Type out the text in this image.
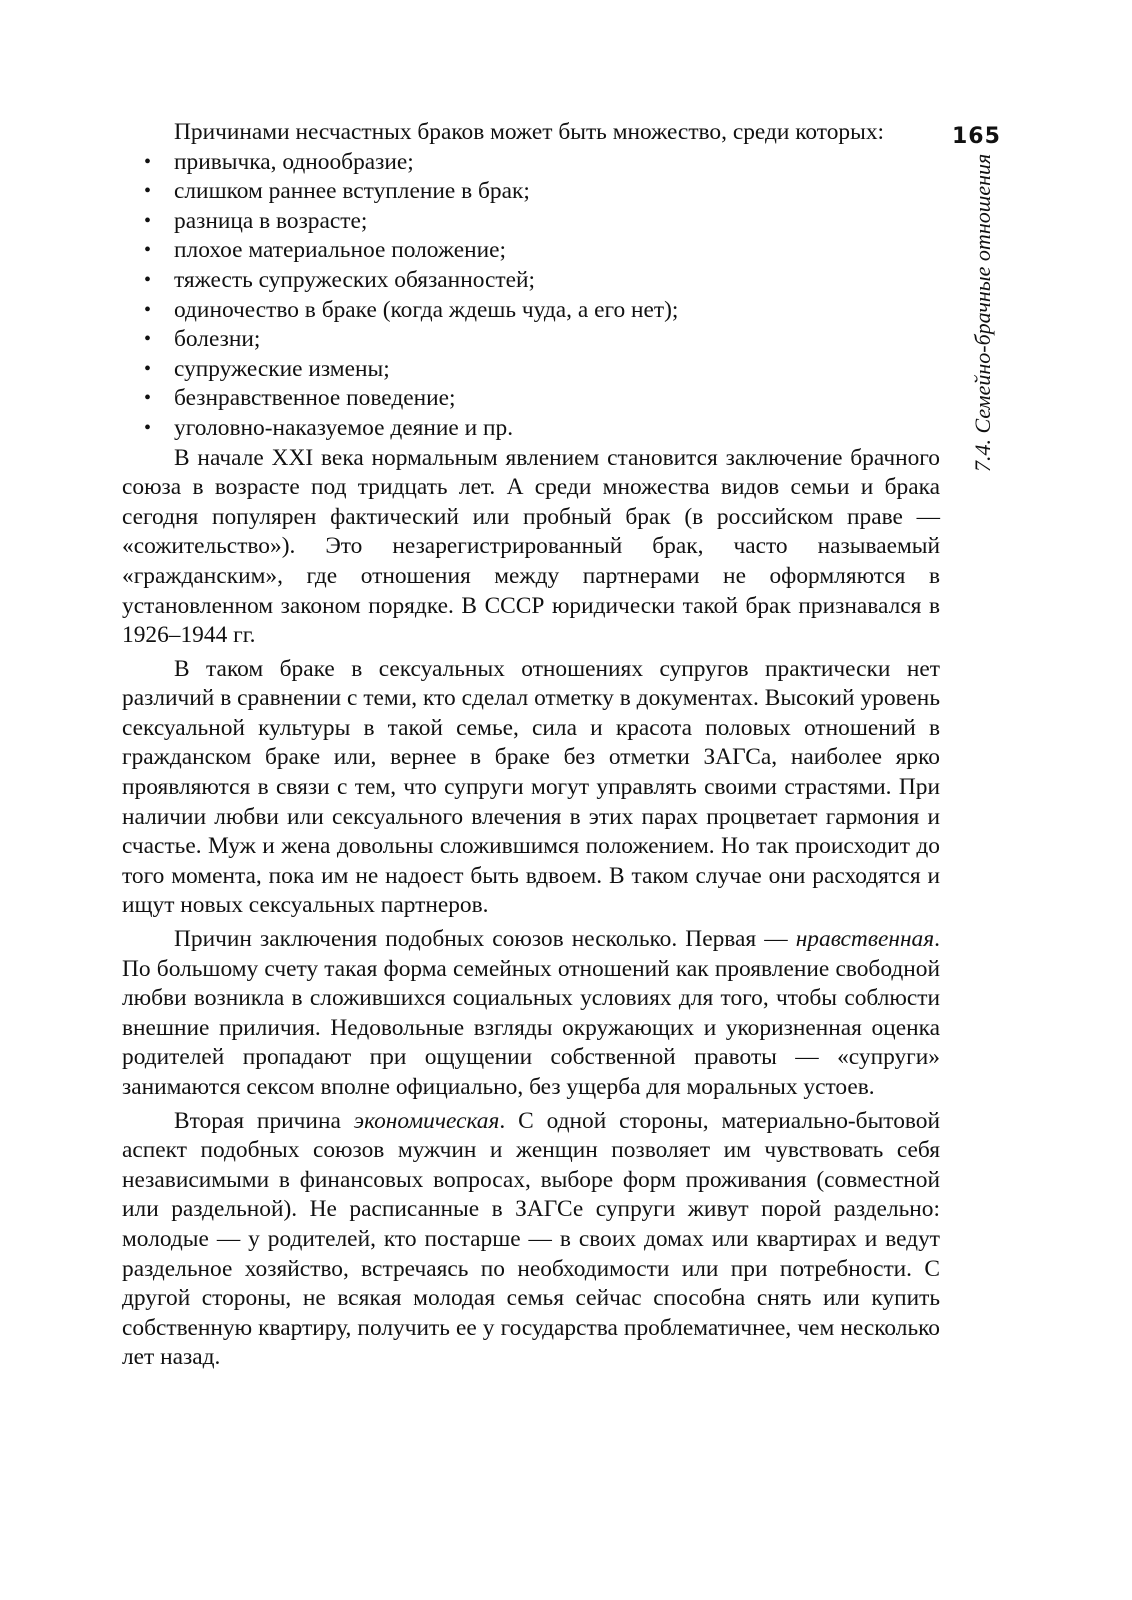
165
7.4. Семейно-брачные отношения

Причинами несчастных браков может быть множество, среди которых:

• привычка, однообразие;
• слишком раннее вступление в брак;
• разница в возрасте;
• плохое материальное положение;
• тяжесть супружеских обязанностей;
• одиночество в браке (когда ждешь чуда, а его нет);
• болезни;
• супружеские измены;
• безнравственное поведение;
• уголовно-наказуемое деяние и пр.

В начале XXI века нормальным явлением становится заключение брачного союза в возрасте под тридцать лет. А среди множества видов семьи и брака сегодня популярен фактический или пробный брак (в российском праве — «сожительство»). Это незарегистрированный брак, часто называемый «гражданским», где отношения между партнерами не оформляются в установленном законом порядке. В СССР юридически такой брак признавался в 1926–1944 гг.

В таком браке в сексуальных отношениях супругов практически нет различий в сравнении с теми, кто сделал отметку в документах. Высокий уровень сексуальной культуры в такой семье, сила и красота половых отношений в гражданском браке или, вернее в браке без отметки ЗАГСа, наиболее ярко проявляются в связи с тем, что супруги могут управлять своими страстями. При наличии любви или сексуального влечения в этих парах процветает гармония и счастье. Муж и жена довольны сложившимся положением. Но так происходит до того момента, пока им не надоест быть вдвоем. В таком случае они расходятся и ищут новых сексуальных партнеров.

Причин заключения подобных союзов несколько. Первая — нравственная. По большому счету такая форма семейных отношений как проявление свободной любви возникла в сложившихся социальных условиях для того, чтобы соблюсти внешние приличия. Недовольные взгляды окружающих и укоризненная оценка родителей пропадают при ощущении собственной правоты — «супруги» занимаются сексом вполне официально, без ущерба для моральных устоев.

Вторая причина экономическая. С одной стороны, материально-бытовой аспект подобных союзов мужчин и женщин позволяет им чувствовать себя независимыми в финансовых вопросах, выборе форм проживания (совместной или раздельной). Не расписанные в ЗАГСе супруги живут порой раздельно: молодые — у родителей, кто постарше — в своих домах или квартирах и ведут раздельное хозяйство, встречаясь по необходимости или при потребности. С другой стороны, не всякая молодая семья сейчас способна снять или купить собственную квартиру, получить ее у государства проблематичнее, чем несколько лет назад.
